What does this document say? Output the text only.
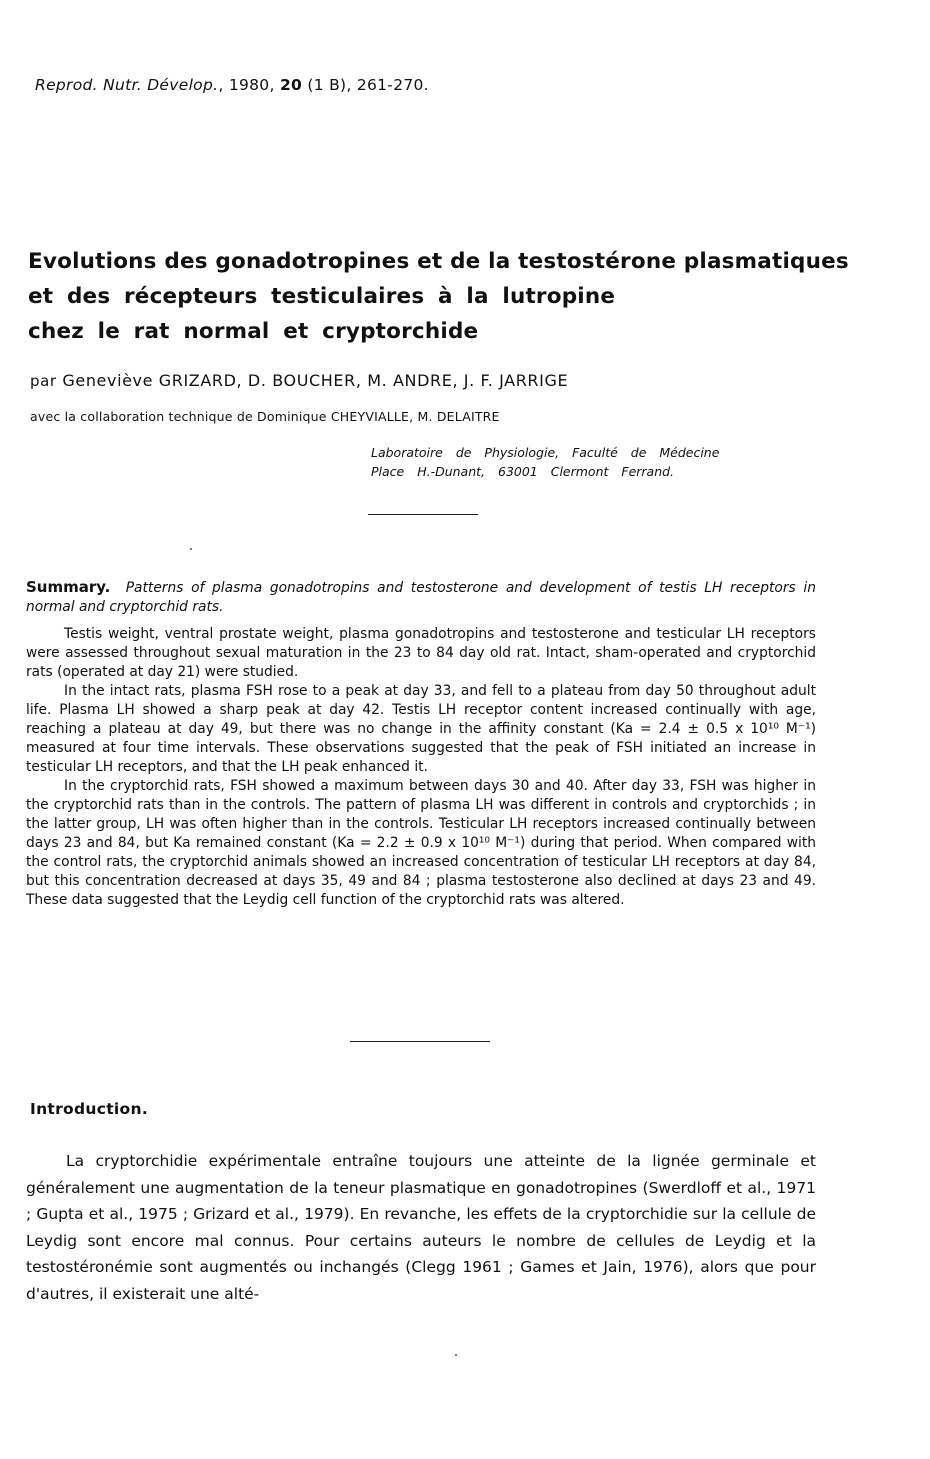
Reprod. Nutr. Dévelop., 1980, 20 (1 B), 261-270.
Evolutions des gonadotropines et de la testostérone plasmatiques
et des récepteurs testiculaires à la lutropine
chez le rat normal et cryptorchide
par Geneviève GRIZARD, D. BOUCHER, M. ANDRE, J. F. JARRIGE
avec la collaboration technique de Dominique CHEYVIALLE, M. DELAITRE
Laboratoire de Physiologie, Faculté de Médecine
Place H.-Dunant, 63001 Clermont Ferrand.

Summary. Patterns of plasma gonadotropins and testosterone and development of testis LH receptors in normal and cryptorchid rats.

Testis weight, ventral prostate weight, plasma gonadotropins and testosterone and testicular LH receptors were assessed throughout sexual maturation in the 23 to 84 day old rat. Intact, sham-operated and cryptorchid rats (operated at day 21) were studied.

In the intact rats, plasma FSH rose to a peak at day 33, and fell to a plateau from day 50 throughout adult life. Plasma LH showed a sharp peak at day 42. Testis LH receptor content increased continually with age, reaching a plateau at day 49, but there was no change in the affinity constant (Ka = 2.4 ± 0.5 x 10¹⁰ M⁻¹) measured at four time intervals. These observations suggested that the peak of FSH initiated an increase in testicular LH receptors, and that the LH peak enhanced it.

In the cryptorchid rats, FSH showed a maximum between days 30 and 40. After day 33, FSH was higher in the cryptorchid rats than in the controls. The pattern of plasma LH was different in controls and cryptorchids ; in the latter group, LH was often higher than in the controls. Testicular LH receptors increased continually between days 23 and 84, but Ka remained constant (Ka = 2.2 ± 0.9 x 10¹⁰ M⁻¹) during that period. When compared with the control rats, the cryptorchid animals showed an increased concentration of testicular LH receptors at day 84, but this concentration decreased at days 35, 49 and 84 ; plasma testosterone also declined at days 23 and 49. These data suggested that the Leydig cell function of the cryptorchid rats was altered.

Introduction.

La cryptorchidie expérimentale entraîne toujours une atteinte de la lignée germinale et généralement une augmentation de la teneur plasmatique en gonadotropines (Swerdloff et al., 1971 ; Gupta et al., 1975 ; Grizard et al., 1979). En revanche, les effets de la cryptorchidie sur la cellule de Leydig sont encore mal connus. Pour certains auteurs le nombre de cellules de Leydig et la testostéronémie sont augmentés ou inchangés (Clegg 1961 ; Games et Jain, 1976), alors que pour d'autres, il existerait une alté-
